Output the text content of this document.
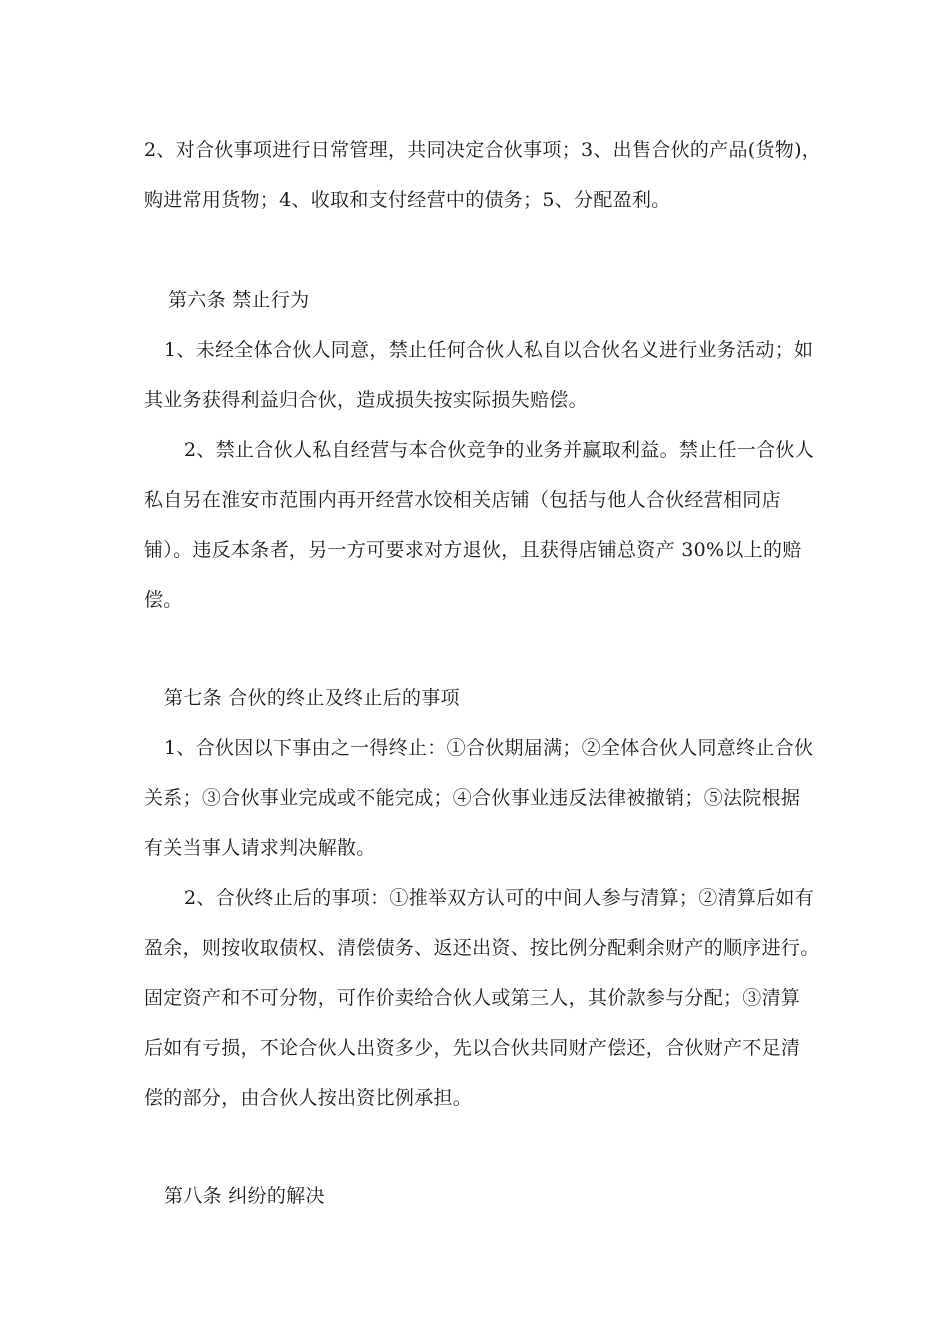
2、对合伙事项进行日常管理，共同决定合伙事项；3、出售合伙的产品(货物)，
购进常用货物；4、收取和支付经营中的债务；5、分配盈利。
第六条 禁止行为
1、未经全体合伙人同意，禁止任何合伙人私自以合伙名义进行业务活动；如
其业务获得利益归合伙，造成损失按实际损失赔偿。
2、禁止合伙人私自经营与本合伙竞争的业务并赢取利益。禁止任一合伙人
私自另在淮安市范围内再开经营水饺相关店铺（包括与他人合伙经营相同店
铺）。违反本条者，另一方可要求对方退伙，且获得店铺总资产 30%以上的赔
偿。
第七条 合伙的终止及终止后的事项
1、合伙因以下事由之一得终止：①合伙期届满；②全体合伙人同意终止合伙
关系；③合伙事业完成或不能完成；④合伙事业违反法律被撤销；⑤法院根据
有关当事人请求判决解散。
2、合伙终止后的事项：①推举双方认可的中间人参与清算；②清算后如有
盈余，则按收取债权、清偿债务、返还出资、按比例分配剩余财产的顺序进行。
固定资产和不可分物，可作价卖给合伙人或第三人，其价款参与分配；③清算
后如有亏损，不论合伙人出资多少，先以合伙共同财产偿还，合伙财产不足清
偿的部分，由合伙人按出资比例承担。
第八条 纠纷的解决
